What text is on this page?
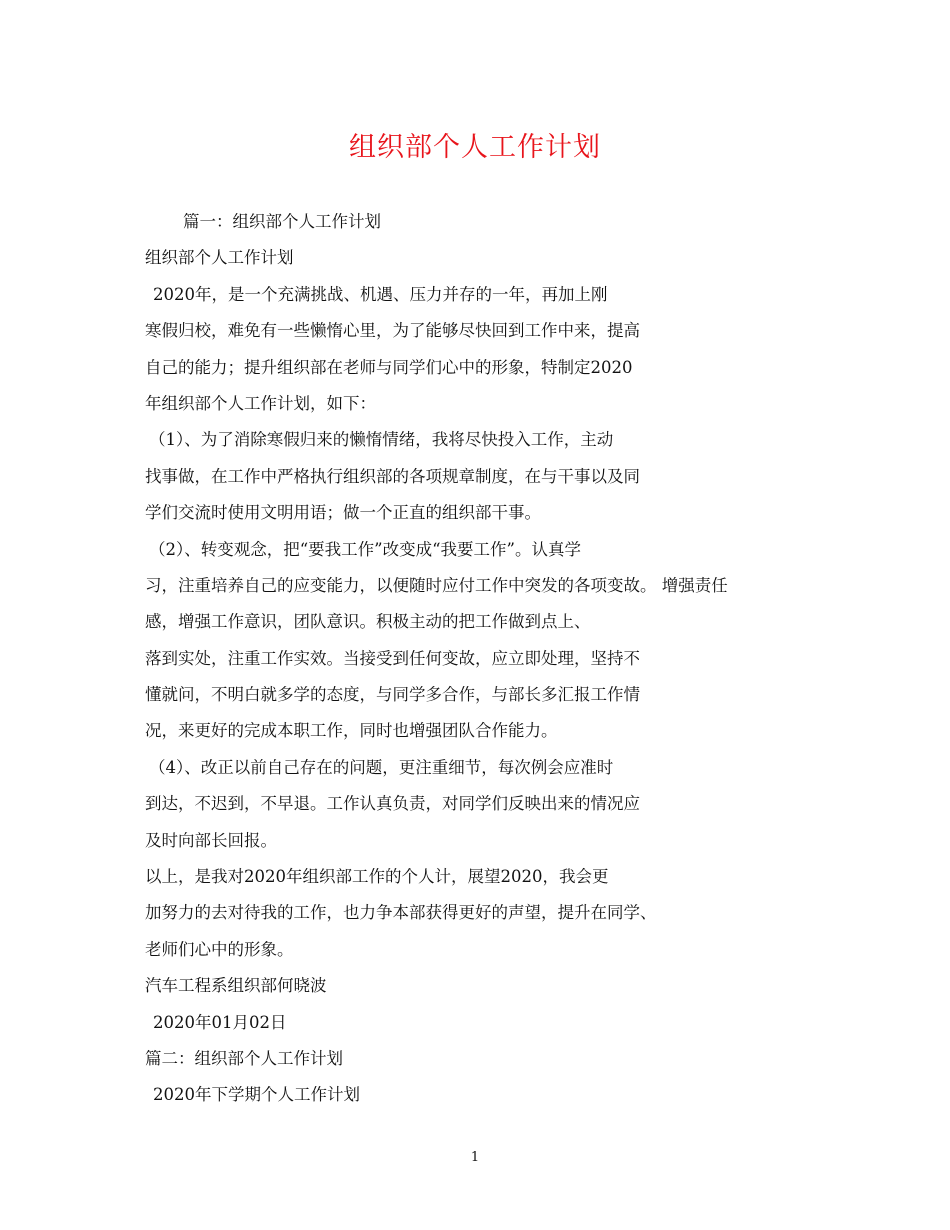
组织部个人工作计划
篇一：组织部个人工作计划
组织部个人工作计划
2020年，是一个充满挑战、机遇、压力并存的一年，再加上刚
寒假归校，难免有一些懒惰心里，为了能够尽快回到工作中来，提高
自己的能力；提升组织部在老师与同学们心中的形象，特制定2020
年组织部个人工作计划，如下：
（1）、为了消除寒假归来的懒惰情绪，我将尽快投入工作，主动
找事做，在工作中严格执行组织部的各项规章制度，在与干事以及同
学们交流时使用文明用语；做一个正直的组织部干事。
（2）、转变观念，把“要我工作”改变成“我要工作”。认真学
习，注重培养自己的应变能力，以便随时应付工作中突发的各项变故。 增强责任
感，增强工作意识，团队意识。积极主动的把工作做到点上、
落到实处，注重工作实效。当接受到任何变故，应立即处理，坚持不
懂就问，不明白就多学的态度，与同学多合作，与部长多汇报工作情
况，来更好的完成本职工作，同时也增强团队合作能力。
（4）、改正以前自己存在的问题，更注重细节，每次例会应准时
到达，不迟到，不早退。工作认真负责，对同学们反映出来的情况应
及时向部长回报。
以上，是我对2020年组织部工作的个人计，展望2020，我会更
加努力的去对待我的工作，也力争本部获得更好的声望，提升在同学、
老师们心中的形象。
汽车工程系组织部何晓波
2020年01月02日
篇二：组织部个人工作计划
2020年下学期个人工作计划
1
